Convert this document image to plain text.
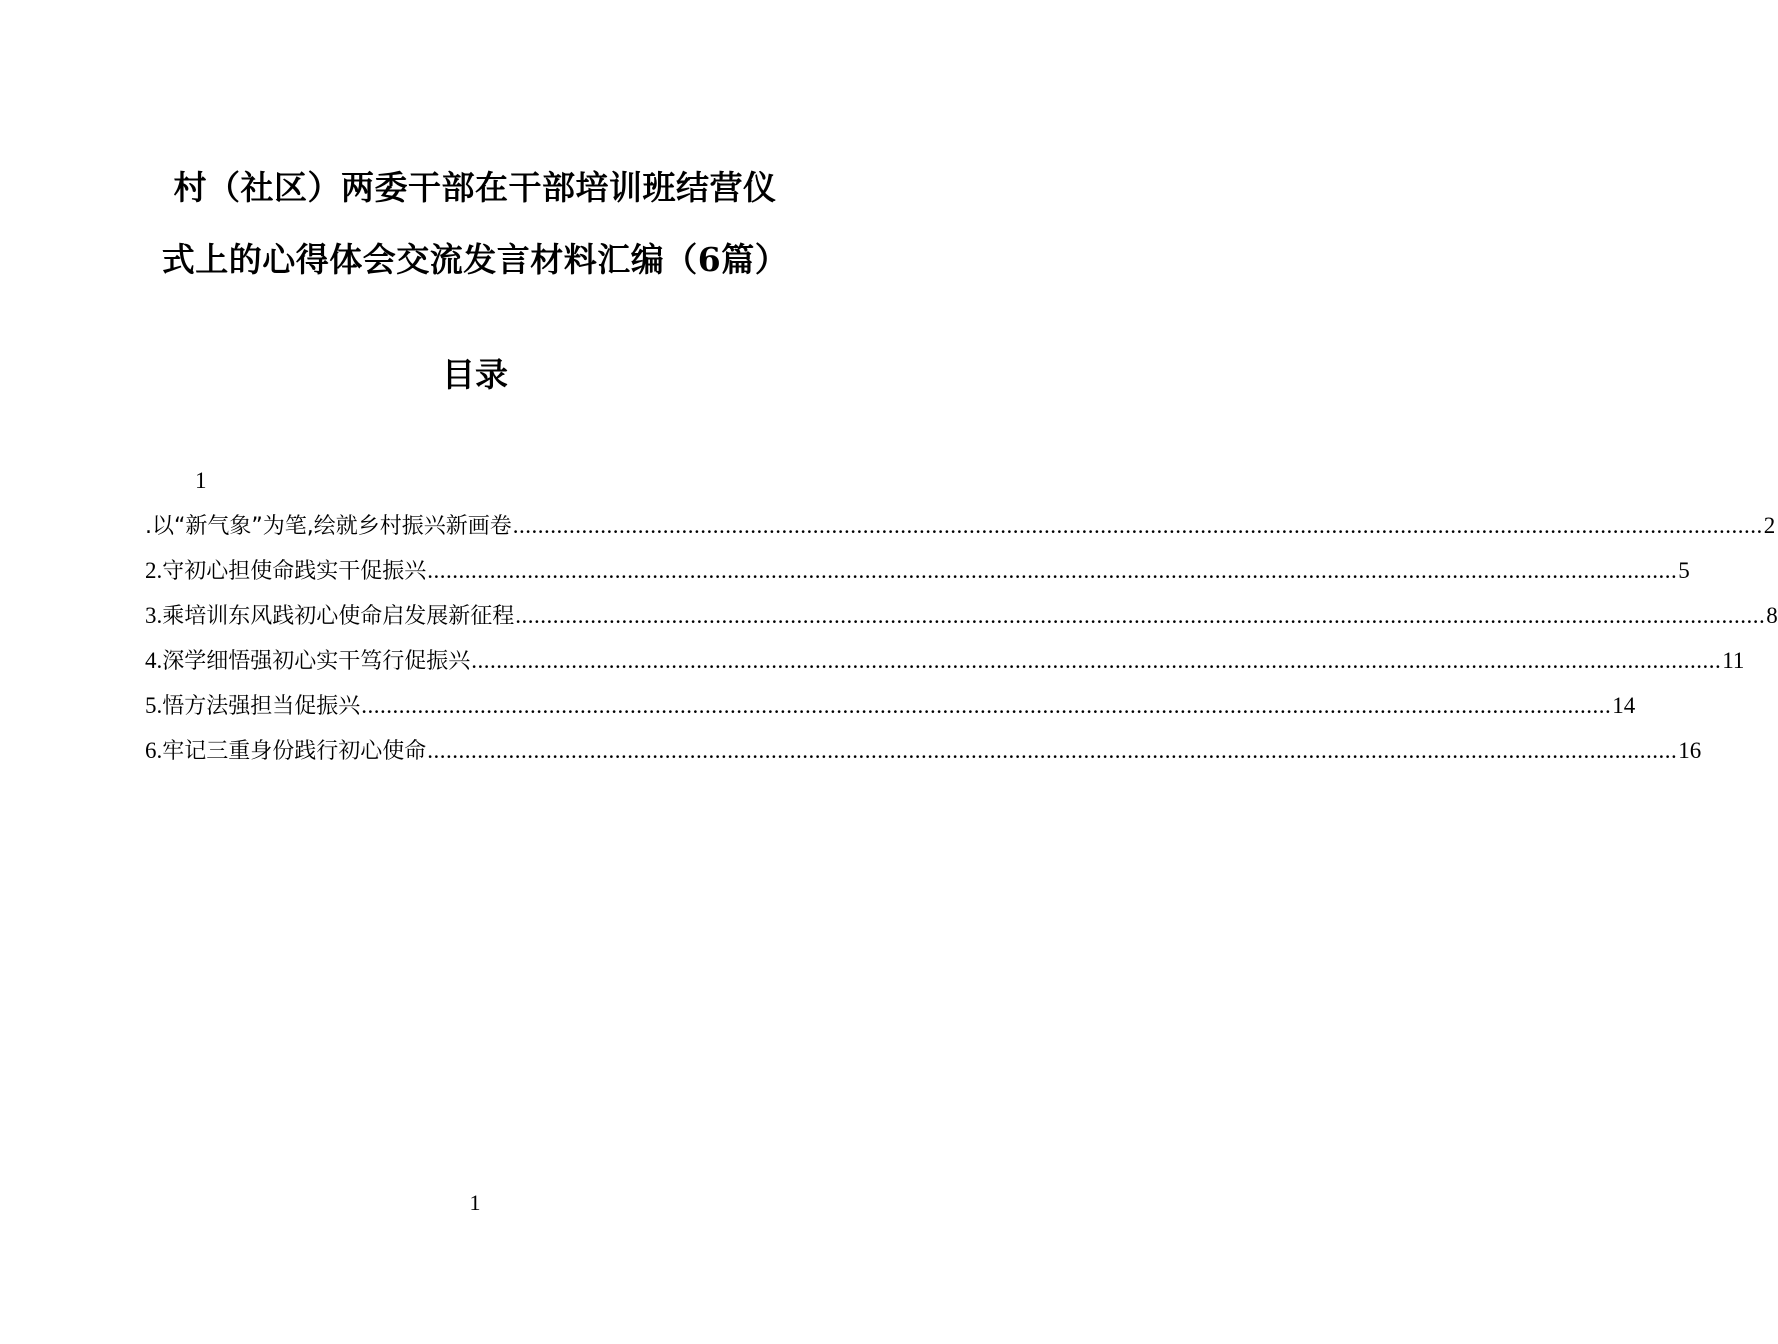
村（社区）两委干部在干部培训班结营仪
式上的心得体会交流发言材料汇编（6篇）
目录
1
.以“新气象”为笔,绘就乡村振兴新画卷 ........................................................................................................................................................................................................ 2
2. 守初心担使命践实干促振兴 ........................................................................................................................................................................................................ 5
3. 乘培训东风践初心使命启发展新征程 ........................................................................................................................................................................................................ 8
4. 深学细悟强初心实干笃行促振兴 ........................................................................................................................................................................................................ 11
5. 悟方法强担当促振兴 ........................................................................................................................................................................................................ 14
6. 牢记三重身份践行初心使命 ........................................................................................................................................................................................................ 16
1
